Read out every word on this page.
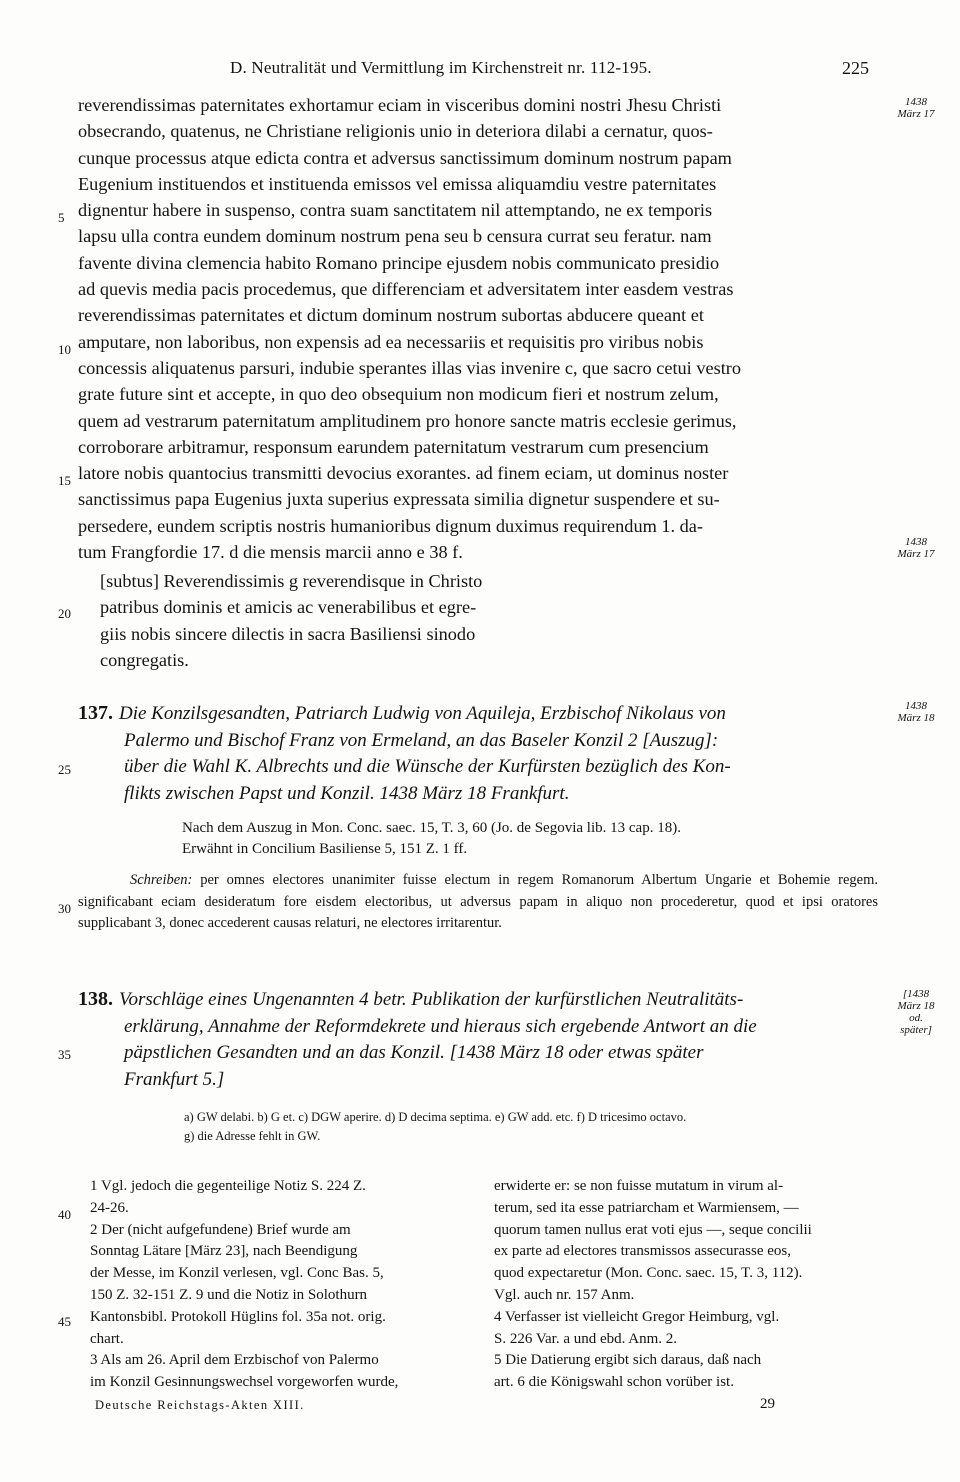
D. Neutralität und Vermittlung im Kirchenstreit nr. 112-195.	225

reverendissimas paternitates exhortamur eciam in visceribus domini nostri Jhesu Christi

obsecrando, quatenus, ne Christiane religionis unio in deteriora dilabi a cernatur, quos-

cunque processus atque edicta contra et adversus sanctissimum dominum nostrum papam

Eugenium instituendos et instituenda emissos vel emissa aliquamdiu vestre paternitates

dignentur habere in suspenso, contra suam sanctitatem nil attemptando, ne ex temporis

lapsu ulla contra eundem dominum nostrum pena seu b censura currat seu feratur. nam

favente divina clemencia habito Romano principe ejusdem nobis communicato presidio

ad quevis media pacis procedemus, que differenciam et adversitatem inter easdem vestras

reverendissimas paternitates et dictum dominum nostrum subortas abducere queant et

amputare, non laboribus, non expensis ad ea necessariis et requisitis pro viribus nobis

concessis aliquatenus parsuri, indubie sperantes illas vias invenire c, que sacro cetui vestro

grate future sint et accepte, in quo deo obsequium non modicum fieri et nostrum zelum,

quem ad vestrarum paternitatum amplitudinem pro honore sancte matris ecclesie gerimus,

corroborare arbitramur, responsum earundem paternitatum vestrarum cum presencium

latore nobis quantocius transmitti devocius exorantes. ad finem eciam, ut dominus noster

sanctissimus papa Eugenius juxta superius expressata similia dignetur suspendere et su-

persedere, eundem scriptis nostris humanioribus dignum duximus requirendum 1. da-

tum Frangfordie 17. d die mensis marcii anno e 38 f.

[subtus] Reverendissimis g reverendisque in Christo
patribus dominis et amicis ac venerabilibus et egre-
giis nobis sincere dilectis in sacra Basiliensi sinodo
congregatis.
5
10
15
20
25
30
35
40
45
1438
März 17
1438
März 17
1438
März 18
[1438
März 18
od.
später]
137. Die Konzilsgesandten, Patriarch Ludwig von Aquileja, Erzbischof Nikolaus von
Palermo und Bischof Franz von Ermeland, an das Baseler Konzil 2 [Auszug]:
über die Wahl K. Albrechts und die Wünsche der Kurfürsten bezüglich des Kon-
flikts zwischen Papst und Konzil. 1438 März 18 Frankfurt.
Nach dem Auszug in Mon. Conc. saec. 15, T. 3, 60 (Jo. de Segovia lib. 13 cap. 18).
Erwähnt in Concilium Basiliense 5, 151 Z. 1 ff.
Schreiben: per omnes electores unanimiter fuisse electum in regem Romanorum Albertum Ungarie et Bohemie regem. significabant eciam desideratum fore eisdem electoribus, ut adversus papam in aliquo non procederetur, quod et ipsi oratores supplicabant 3, donec accederent causas relaturi, ne electores irritarentur.
138. Vorschläge eines Ungenannten 4 betr. Publikation der kurfürstlichen Neutralitäts-
erklärung, Annahme der Reformdekrete und hieraus sich ergebende Antwort an die
päpstlichen Gesandten und an das Konzil. [1438 März 18 oder etwas später
Frankfurt 5.]
a) GW delabi. b) G et. c) DGW aperire. d) D decima septima. e) GW add. etc. f) D tricesimo octavo.
g) die Adresse fehlt in GW.

1 Vgl. jedoch die gegenteilige Notiz S. 224 Z.

24-26.

2 Der (nicht aufgefundene) Brief wurde am

Sonntag Lätare [März 23], nach Beendigung

der Messe, im Konzil verlesen, vgl. Conc Bas. 5,

150 Z. 32-151 Z. 9 und die Notiz in Solothurn

Kantonsbibl. Protokoll Hüglins fol. 35a not. orig.

chart.

3 Als am 26. April dem Erzbischof von Palermo

im Konzil Gesinnungswechsel vorgeworfen wurde,

erwiderte er: se non fuisse mutatum in virum al-

terum, sed ita esse patriarcham et Warmiensem, —

quorum tamen nullus erat voti ejus —, seque concilii

ex parte ad electores transmissos assecurasse eos,

quod expectaretur (Mon. Conc. saec. 15, T. 3, 112).

Vgl. auch nr. 157 Anm.

4 Verfasser ist vielleicht Gregor Heimburg, vgl.

S. 226 Var. a und ebd. Anm. 2.

5 Die Datierung ergibt sich daraus, daß nach

art. 6 die Königswahl schon vorüber ist.

Deutsche Reichstags-Akten XIII.	29
